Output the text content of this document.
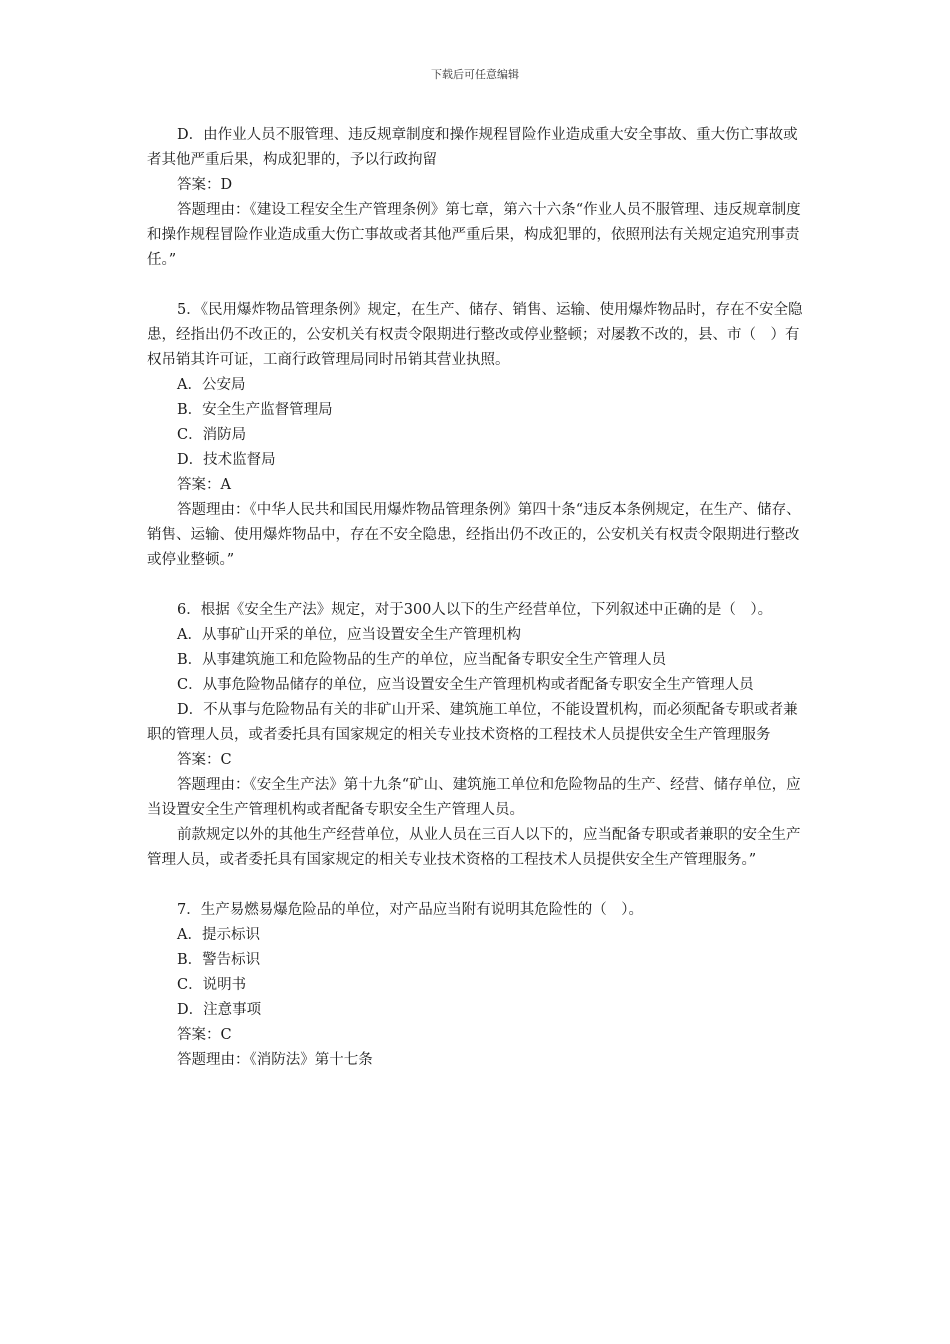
下载后可任意编辑

D．由作业人员不服管理、违反规章制度和操作规程冒险作业造成重大安全事故、重大伤亡事故或者其他严重后果，构成犯罪的，予以行政拘留

答案：D

答题理由：《建设工程安全生产管理条例》第七章，第六十六条“作业人员不服管理、违反规章制度和操作规程冒险作业造成重大伤亡事故或者其他严重后果，构成犯罪的，依照刑法有关规定追究刑事责任。”

5．《民用爆炸物品管理条例》规定，在生产、储存、销售、运输、使用爆炸物品时，存在不安全隐患，经指出仍不改正的，公安机关有权责令限期进行整改或停业整顿；对屡教不改的，县、市（　）有权吊销其许可证，工商行政管理局同时吊销其营业执照。

A．公安局

B．安全生产监督管理局

C．消防局

D．技术监督局

答案：A

答题理由：《中华人民共和国民用爆炸物品管理条例》第四十条“违反本条例规定，在生产、储存、销售、运输、使用爆炸物品中，存在不安全隐患，经指出仍不改正的，公安机关有权责令限期进行整改或停业整顿。”

6．根据《安全生产法》规定，对于300人以下的生产经营单位，下列叙述中正确的是（　）。

A．从事矿山开采的单位，应当设置安全生产管理机构

B．从事建筑施工和危险物品的生产的单位，应当配备专职安全生产管理人员

C．从事危险物品储存的单位，应当设置安全生产管理机构或者配备专职安全生产管理人员

D．不从事与危险物品有关的非矿山开采、建筑施工单位，不能设置机构，而必须配备专职或者兼职的管理人员，或者委托具有国家规定的相关专业技术资格的工程技术人员提供安全生产管理服务

答案：C

答题理由：《安全生产法》第十九条“矿山、建筑施工单位和危险物品的生产、经营、储存单位，应当设置安全生产管理机构或者配备专职安全生产管理人员。

前款规定以外的其他生产经营单位，从业人员在三百人以下的，应当配备专职或者兼职的安全生产管理人员，或者委托具有国家规定的相关专业技术资格的工程技术人员提供安全生产管理服务。”

7．生产易燃易爆危险品的单位，对产品应当附有说明其危险性的（　）。

A．提示标识

B．警告标识

C．说明书

D．注意事项

答案：C

答题理由：《消防法》第十七条
